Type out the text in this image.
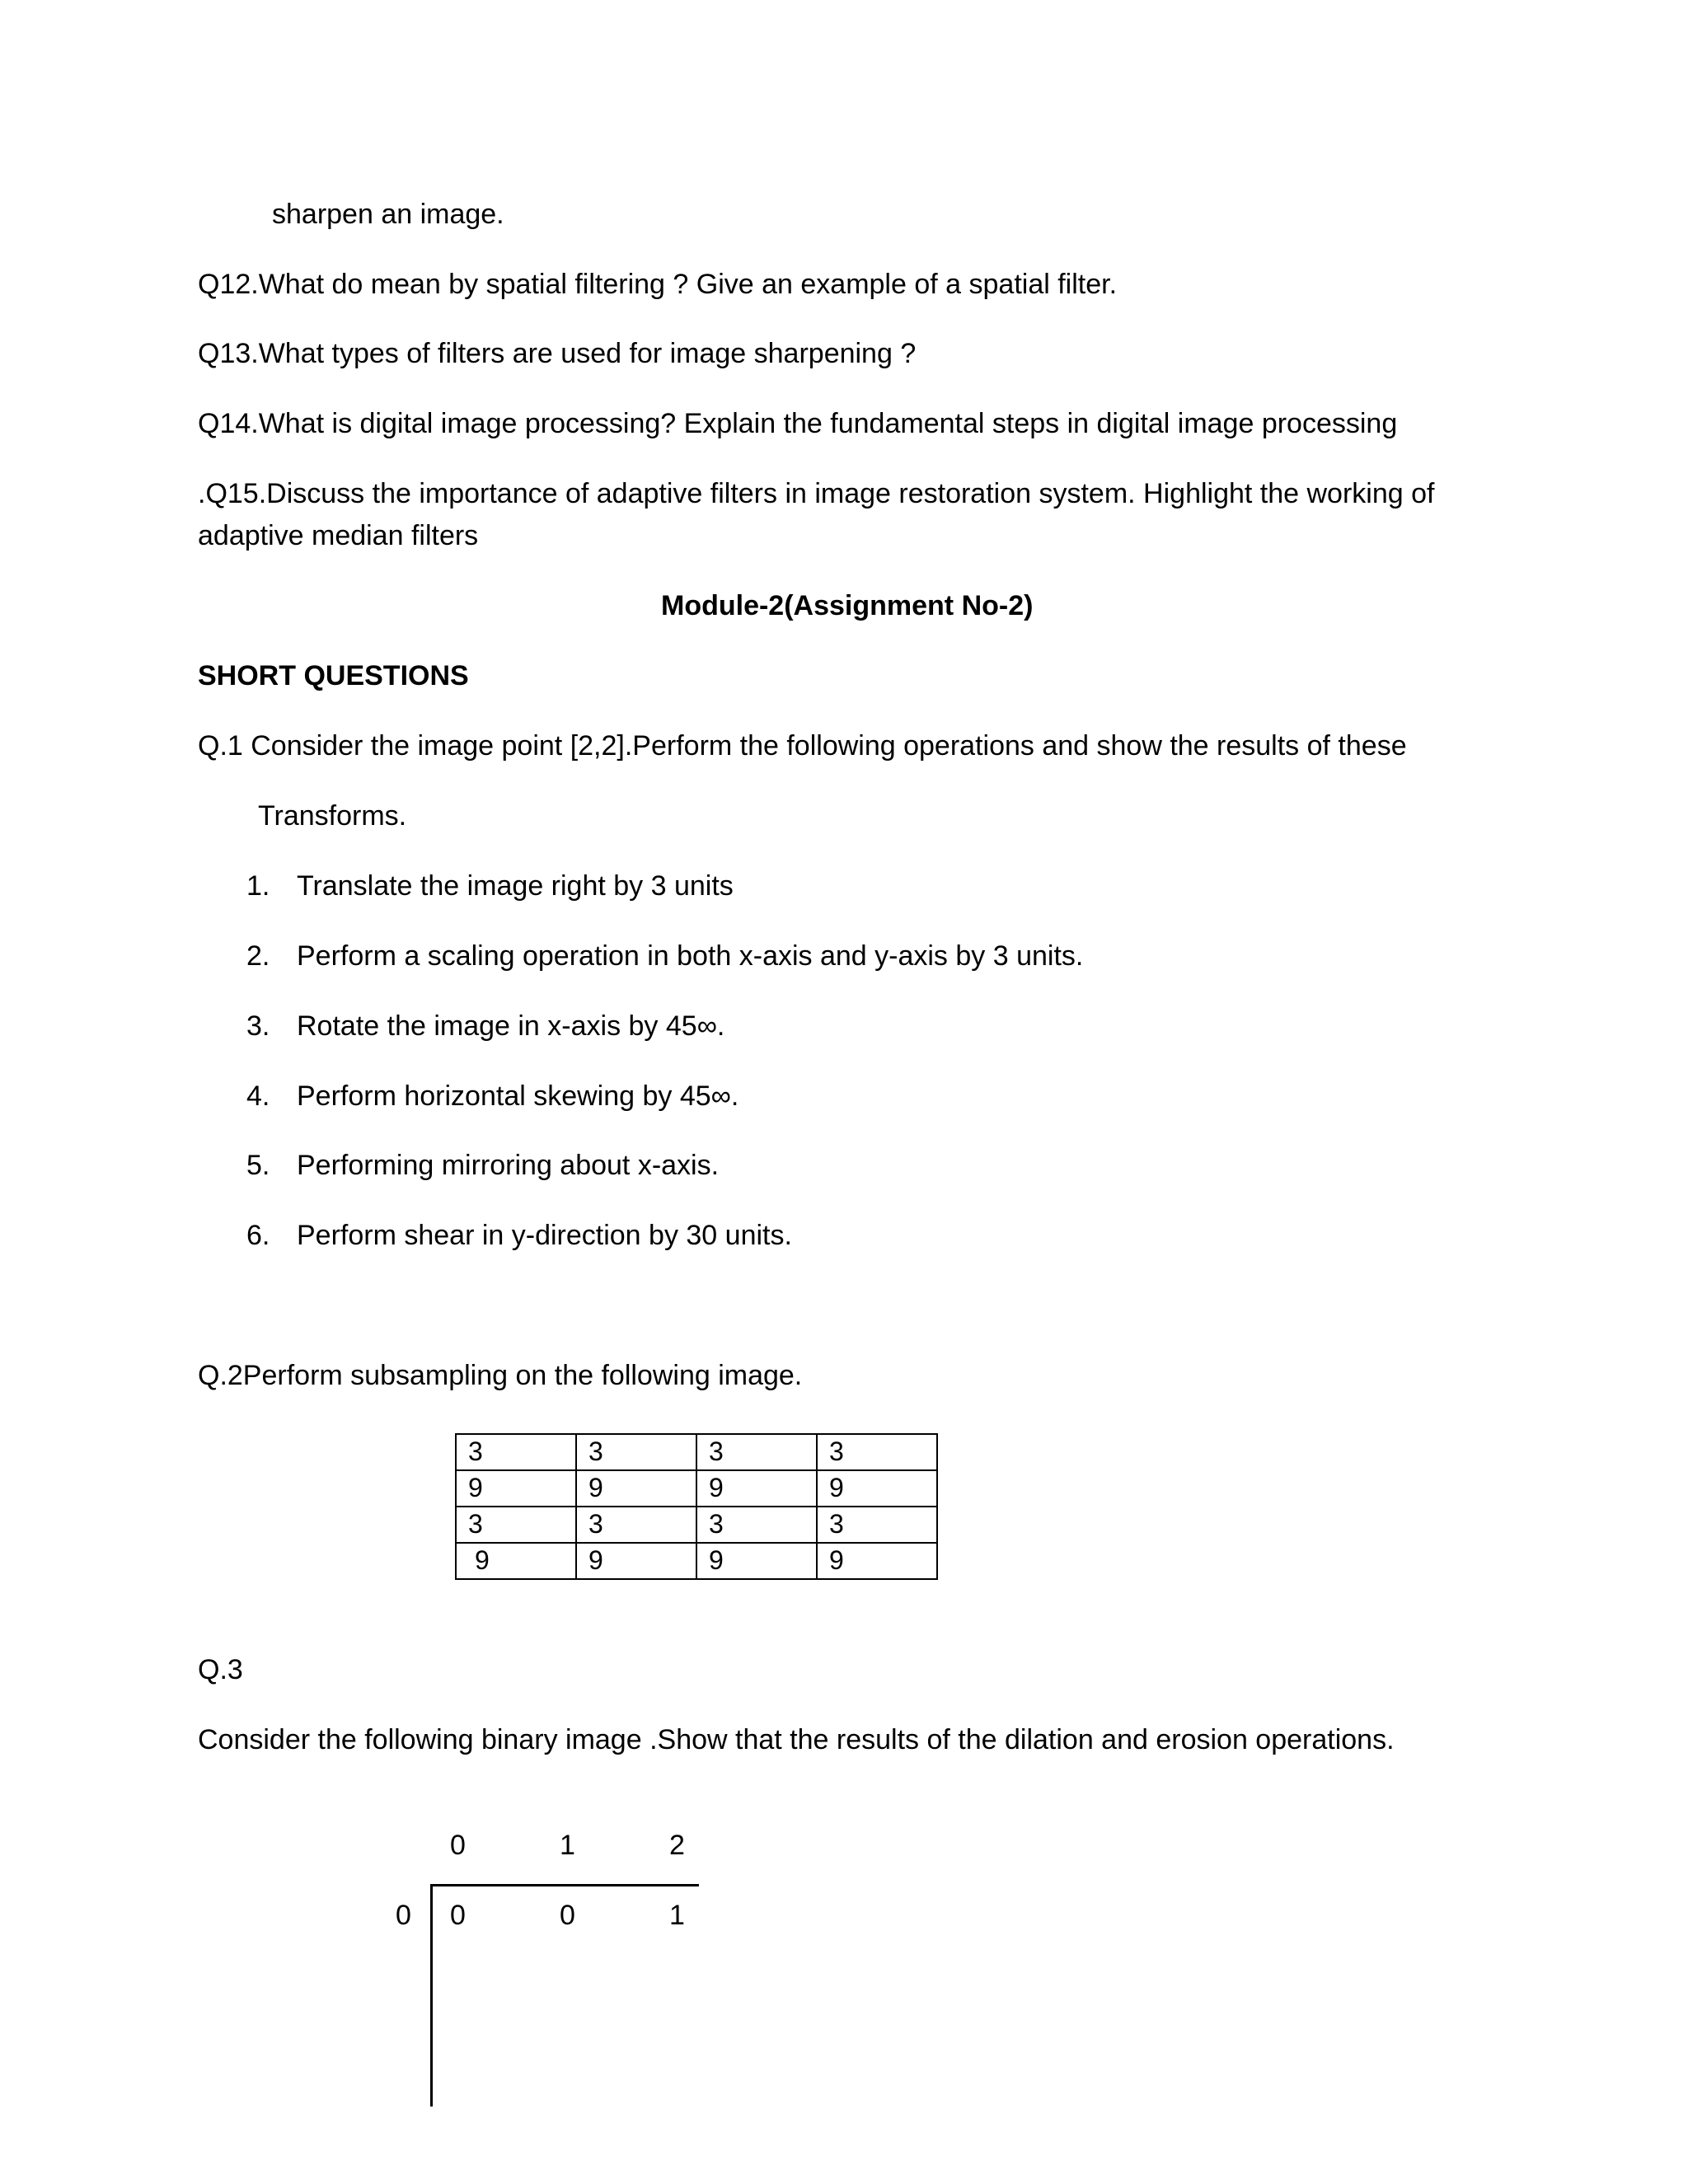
sharpen an image.

Q12.What do mean by spatial filtering ? Give an example of a spatial filter.

Q13.What types of filters are used for image sharpening ?

Q14.What is digital image processing? Explain the fundamental steps in digital image processing

.Q15.Discuss the importance of adaptive filters in image restoration system. Highlight the working of

adaptive median filters

Module-2(Assignment No-2)

SHORT QUESTIONS

Q.1 Consider the image point [2,2].Perform the following operations and show the results of these

Transforms.

1. Translate the image right by 3 units
2. Perform a scaling operation in both x-axis and y-axis by 3 units.
3. Rotate the image in x-axis by 45∞.
4. Perform horizontal skewing by 45∞.
5. Performing mirroring about x-axis.
6. Perform shear in y-direction by 30 units.

Q.2Perform subsampling on the following image.

3	3	3	3
9	9	9	9
3	3	3	3
9	9	9	9

Q.3

Consider the following binary image .Show that the results of the dilation and erosion operations.

0	1	2
0 0	0	1
